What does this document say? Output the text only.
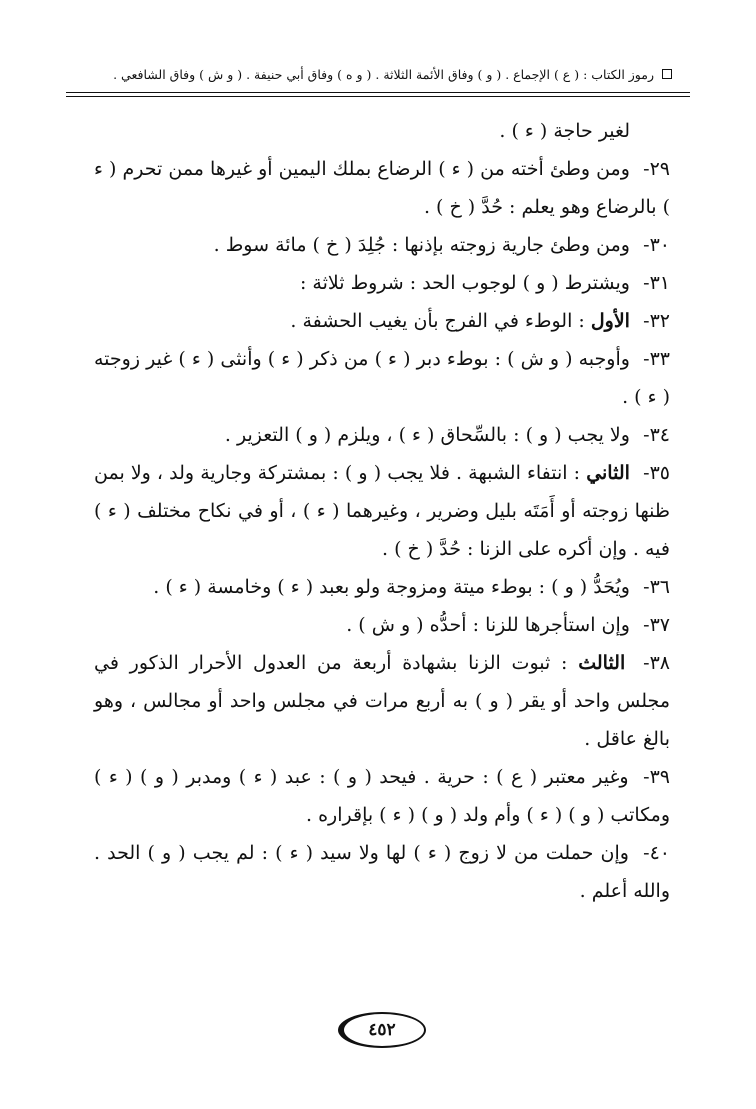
رموز الكتاب : ( ع ) الإجماع . ( و ) وفاق الأئمة الثلاثة . ( و ه ) وفاق أبي حنيفة . ( و ش ) وفاق الشافعي .

لغير حاجة ( ء ) .

٢٩- ومن وطئ أخته من ( ء ) الرضاع بملك اليمين أو غيرها ممن تحرم ( ء ) بالرضاع وهو يعلم : حُدَّ ( خ ) .

٣٠- ومن وطئ جارية زوجته بإذنها : جُلِدَ ( خ ) مائة سوط .

٣١- ويشترط ( و ) لوجوب الحد : شروط ثلاثة :

٣٢- الأول : الوطء في الفرج بأن يغيب الحشفة .

٣٣- وأوجبه ( و ش ) : بوطء دبر ( ء ) من ذكر ( ء ) وأنثى ( ء ) غير زوجته ( ء ) .

٣٤- ولا يجب ( و ) : بالسِّحاق ( ء ) ، ويلزم ( و ) التعزير .

٣٥- الثاني : انتفاء الشبهة . فلا يجب ( و ) : بمشتركة وجارية ولد ، ولا بمن ظنها زوجته أو أَمَتَه بليل وضرير ، وغيرهما ( ء ) ، أو في نكاح مختلف ( ء ) فيه . وإن أكره على الزنا : حُدَّ ( خ ) .

٣٦- ويُحَدُّ ( و ) : بوطء ميتة ومزوجة ولو بعبد ( ء ) وخامسة ( ء ) .

٣٧- وإن استأجرها للزنا : أحدُّه ( و ش ) .

٣٨- الثالث : ثبوت الزنا بشهادة أربعة من العدول الأحرار الذكور في مجلس واحد أو يقر ( و ) به أربع مرات في مجلس واحد أو مجالس ، وهو بالغ عاقل .

٣٩- وغير معتبر ( ع ) : حرية . فيحد ( و ) : عبد ( ء ) ومدبر ( و ) ( ء ) ومكاتب ( و ) ( ء ) وأم ولد ( و ) ( ء ) بإقراره .

٤٠- وإن حملت من لا زوج ( ء ) لها ولا سيد ( ء ) : لم يجب ( و ) الحد . والله أعلم .

٤٥٢
